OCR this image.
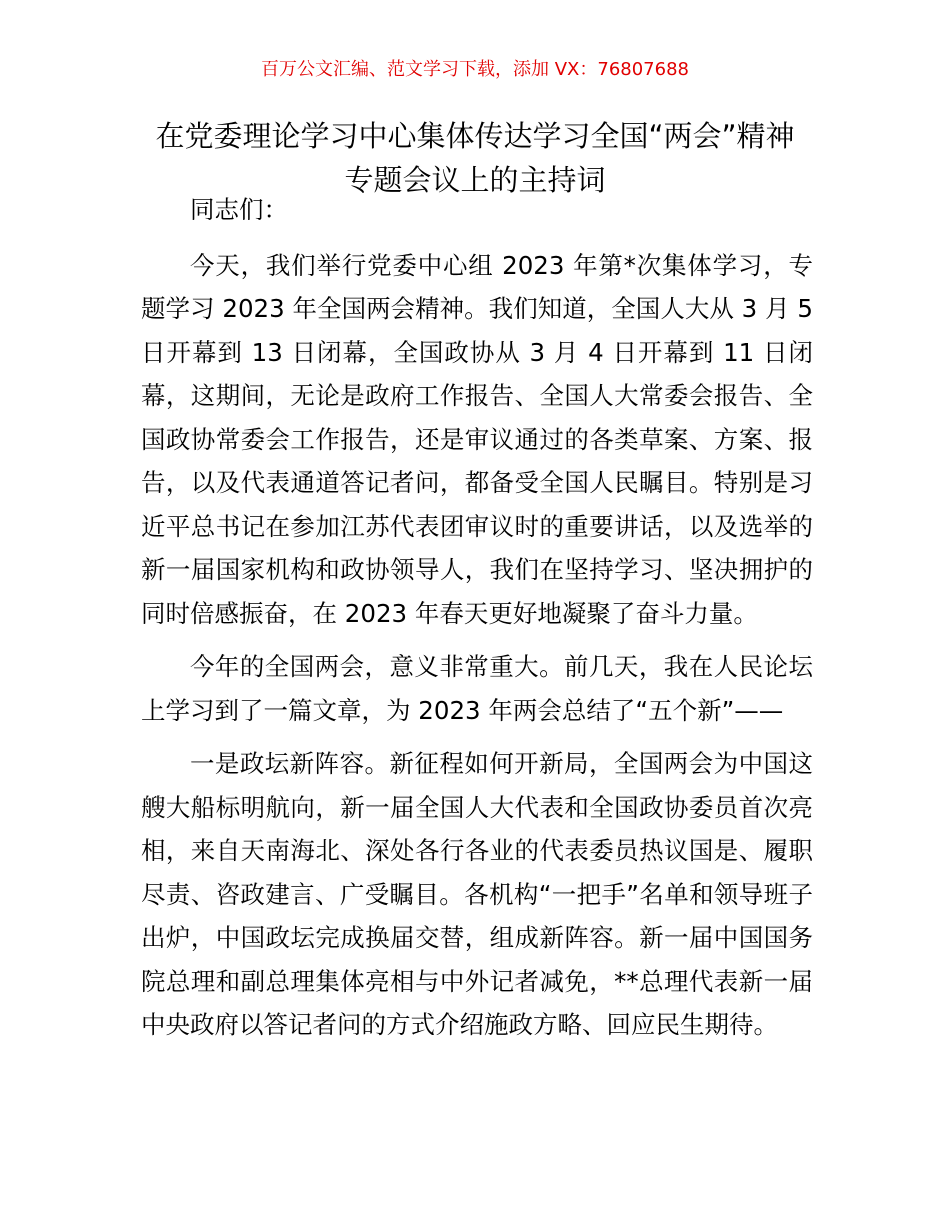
百万公文汇编、范文学习下载，添加 VX：76807688
在党委理论学习中心集体传达学习全国“两会”精神专题会议上的主持词

同志们：

今天，我们举行党委中心组 2023 年第*次集体学习，专题学习 2023 年全国两会精神。我们知道，全国人大从 3 月 5 日开幕到 13 日闭幕，全国政协从 3 月 4 日开幕到 11 日闭幕，这期间，无论是政府工作报告、全国人大常委会报告、全国政协常委会工作报告，还是审议通过的各类草案、方案、报告，以及代表通道答记者问，都备受全国人民瞩目。特别是习近平总书记在参加江苏代表团审议时的重要讲话，以及选举的新一届国家机构和政协领导人，我们在坚持学习、坚决拥护的同时倍感振奋，在 2023 年春天更好地凝聚了奋斗力量。

今年的全国两会，意义非常重大。前几天，我在人民论坛上学习到了一篇文章，为 2023 年两会总结了“五个新”——

一是政坛新阵容。新征程如何开新局，全国两会为中国这艘大船标明航向，新一届全国人大代表和全国政协委员首次亮相，来自天南海北、深处各行各业的代表委员热议国是、履职尽责、咨政建言、广受瞩目。各机构“一把手”名单和领导班子出炉，中国政坛完成换届交替，组成新阵容。新一届中国国务院总理和副总理集体亮相与中外记者减免，**总理代表新一届中央政府以答记者问的方式介绍施政方略、回应民生期待。
